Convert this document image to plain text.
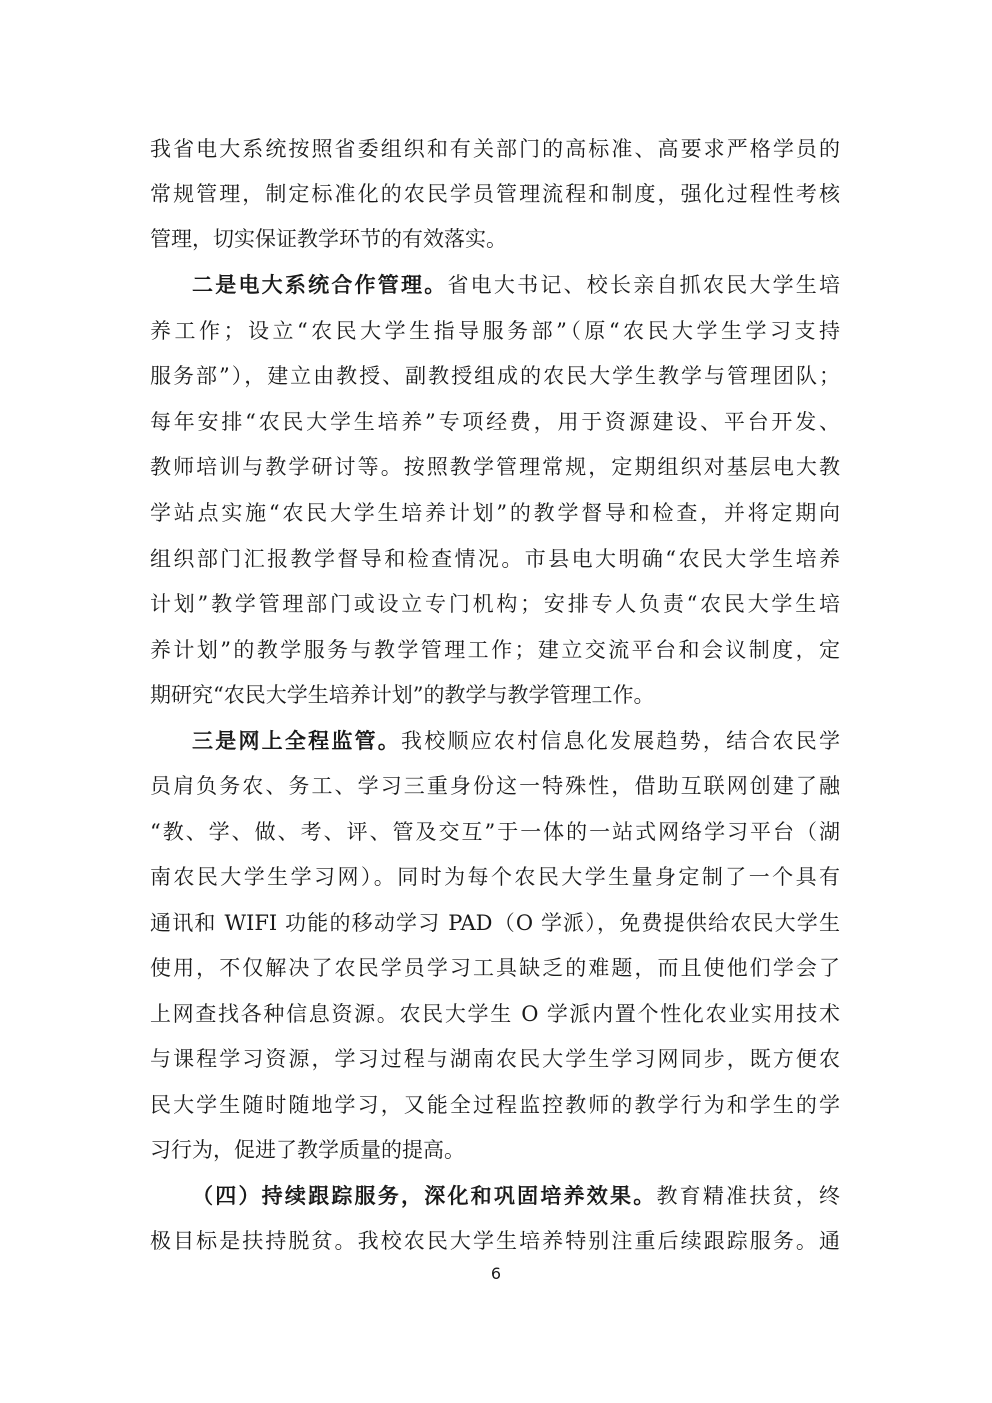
我省电大系统按照省委组织和有关部门的高标准、高要求严格学员的
常规管理，制定标准化的农民学员管理流程和制度，强化过程性考核
管理，切实保证教学环节的有效落实。
二是电大系统合作管理。省电大书记、校长亲自抓农民大学生培
养工作；设立“农民大学生指导服务部”（原“农民大学生学习支持
服务部”），建立由教授、副教授组成的农民大学生教学与管理团队；
每年安排“农民大学生培养”专项经费，用于资源建设、平台开发、
教师培训与教学研讨等。按照教学管理常规，定期组织对基层电大教
学站点实施“农民大学生培养计划”的教学督导和检查，并将定期向
组织部门汇报教学督导和检查情况。市县电大明确“农民大学生培养
计划”教学管理部门或设立专门机构；安排专人负责“农民大学生培
养计划”的教学服务与教学管理工作；建立交流平台和会议制度，定
期研究“农民大学生培养计划”的教学与教学管理工作。
三是网上全程监管。我校顺应农村信息化发展趋势，结合农民学
员肩负务农、务工、学习三重身份这一特殊性，借助互联网创建了融
“教、学、做、考、评、管及交互”于一体的一站式网络学习平台（湖
南农民大学生学习网）。同时为每个农民大学生量身定制了一个具有
通讯和 WIFI 功能的移动学习 PAD（O 学派），免费提供给农民大学生
使用，不仅解决了农民学员学习工具缺乏的难题，而且使他们学会了
上网查找各种信息资源。农民大学生 O 学派内置个性化农业实用技术
与课程学习资源，学习过程与湖南农民大学生学习网同步，既方便农
民大学生随时随地学习，又能全过程监控教师的教学行为和学生的学
习行为，促进了教学质量的提高。
（四）持续跟踪服务，深化和巩固培养效果。教育精准扶贫，终
极目标是扶持脱贫。我校农民大学生培养特别注重后续跟踪服务。通
6
